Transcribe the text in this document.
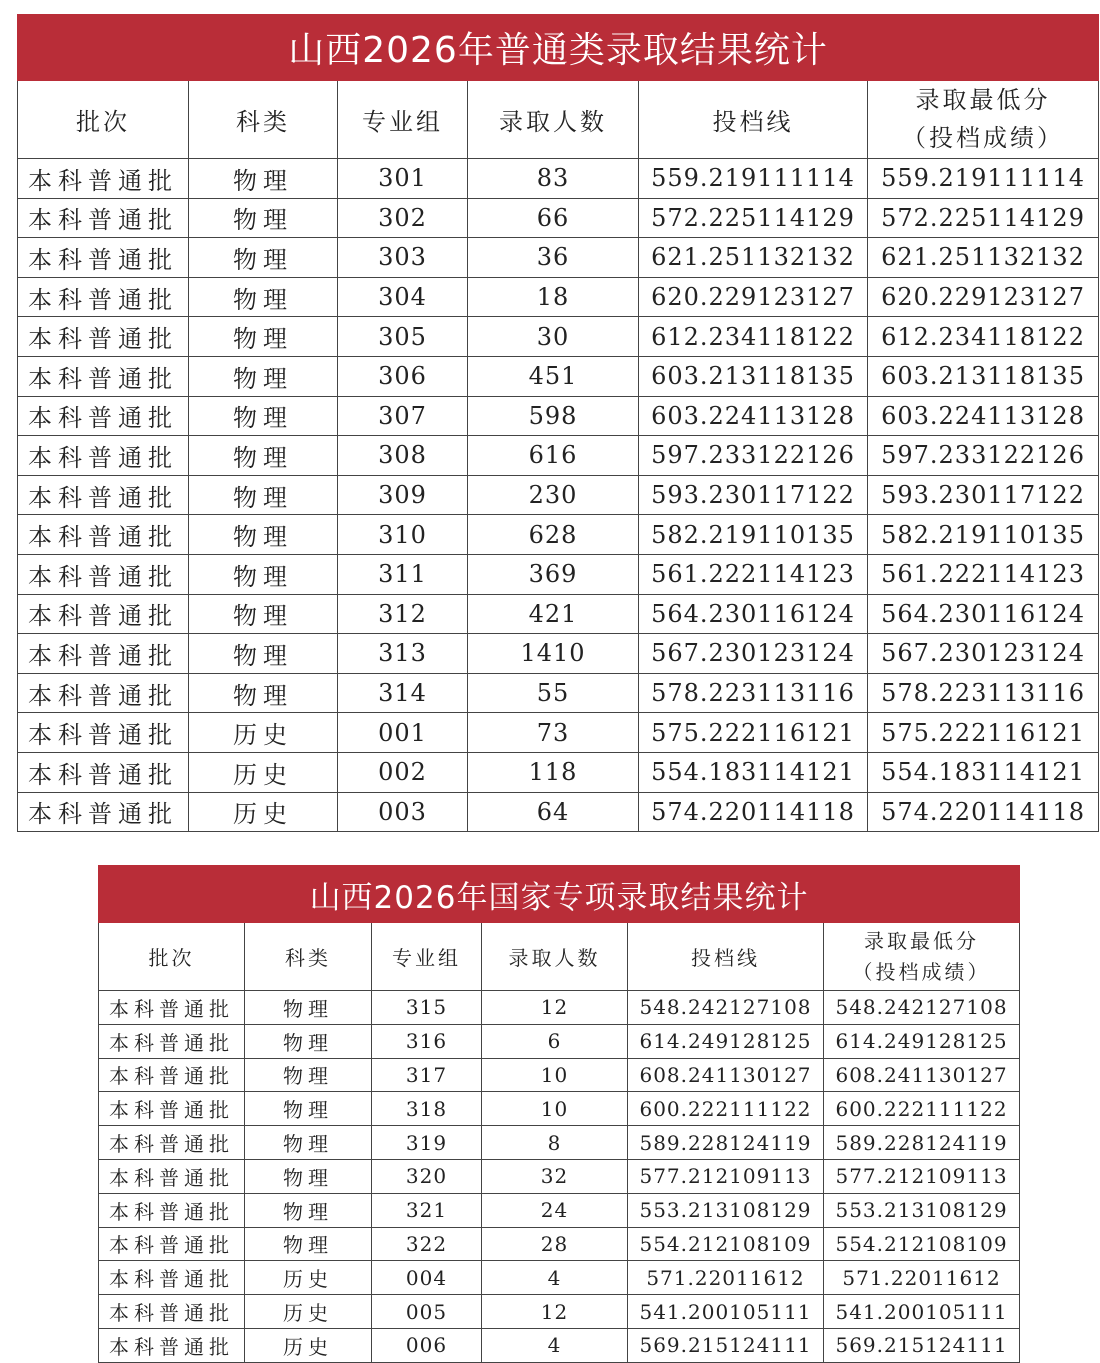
山西2026年普通类录取结果统计					
批次	科类	专业组	录取人数	投档线	录取最低分
（投档成绩）

本科普通批	物理	301	83	559.219111114	559.219111114
本科普通批	物理	302	66	572.225114129	572.225114129
本科普通批	物理	303	36	621.251132132	621.251132132
本科普通批	物理	304	18	620.229123127	620.229123127
本科普通批	物理	305	30	612.234118122	612.234118122
本科普通批	物理	306	451	603.213118135	603.213118135
本科普通批	物理	307	598	603.224113128	603.224113128
本科普通批	物理	308	616	597.233122126	597.233122126
本科普通批	物理	309	230	593.230117122	593.230117122
本科普通批	物理	310	628	582.219110135	582.219110135
本科普通批	物理	311	369	561.222114123	561.222114123
本科普通批	物理	312	421	564.230116124	564.230116124
本科普通批	物理	313	1410	567.230123124	567.230123124
本科普通批	物理	314	55	578.223113116	578.223113116
本科普通批	历史	001	73	575.222116121	575.222116121
本科普通批	历史	002	118	554.183114121	554.183114121
本科普通批	历史	003	64	574.220114118	574.220114118
山西2026年国家专项录取结果统计					
批次	科类	专业组	录取人数	投档线	录取最低分
（投档成绩）

本科普通批	物理	315	12	548.242127108	548.242127108
本科普通批	物理	316	6	614.249128125	614.249128125
本科普通批	物理	317	10	608.241130127	608.241130127
本科普通批	物理	318	10	600.222111122	600.222111122
本科普通批	物理	319	8	589.228124119	589.228124119
本科普通批	物理	320	32	577.212109113	577.212109113
本科普通批	物理	321	24	553.213108129	553.213108129
本科普通批	物理	322	28	554.212108109	554.212108109
本科普通批	历史	004	4	571.22011612	571.22011612
本科普通批	历史	005	12	541.200105111	541.200105111
本科普通批	历史	006	4	569.215124111	569.215124111
